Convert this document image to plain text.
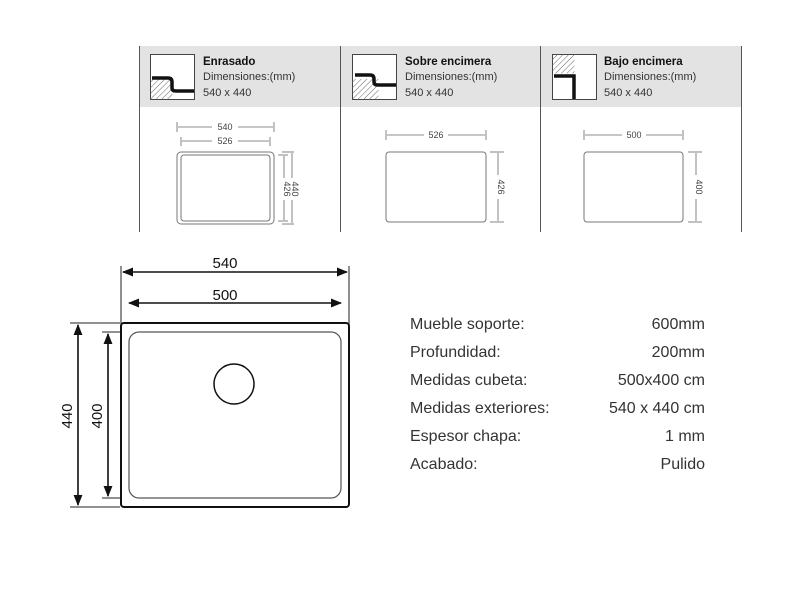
Enrasado
Dimensiones:(mm)
540 x 440
540
526
440
426
Sobre encimera
Dimensiones:(mm)
540 x 440
526
426
Bajo encimera
Dimensiones:(mm)
540 x 440
500
400
540
500
440 400
Mueble soporte:	600mm
Profundidad:	200mm
Medidas cubeta:	500x400 cm
Medidas exteriores:	540 x 440 cm
Espesor chapa:	1 mm
Acabado:	Pulido
